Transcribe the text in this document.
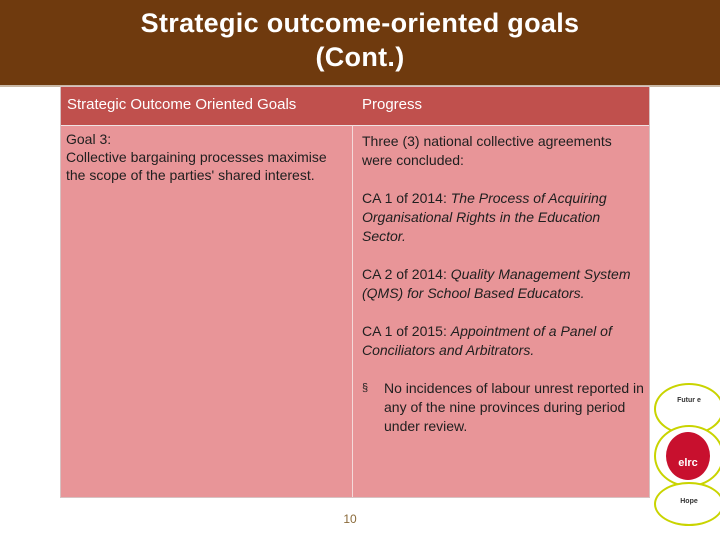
Strategic outcome-oriented goals
(Cont.)
Strategic Outcome Oriented Goals	Progress
Goal 3:
Collective bargaining processes maximise the scope of the parties' shared interest.

Three (3) national collective agreements were concluded:

CA 1 of 2014: The Process of Acquiring Organisational Rights in the Education Sector.

CA 2 of 2014: Quality Management System (QMS) for School Based Educators.

CA 1 of 2015: Appointment of a Panel of Conciliators and Arbitrators.

§ No incidences of labour unrest reported in any of the nine provinces during period under review.
10
Futur e
elrc
Hope
